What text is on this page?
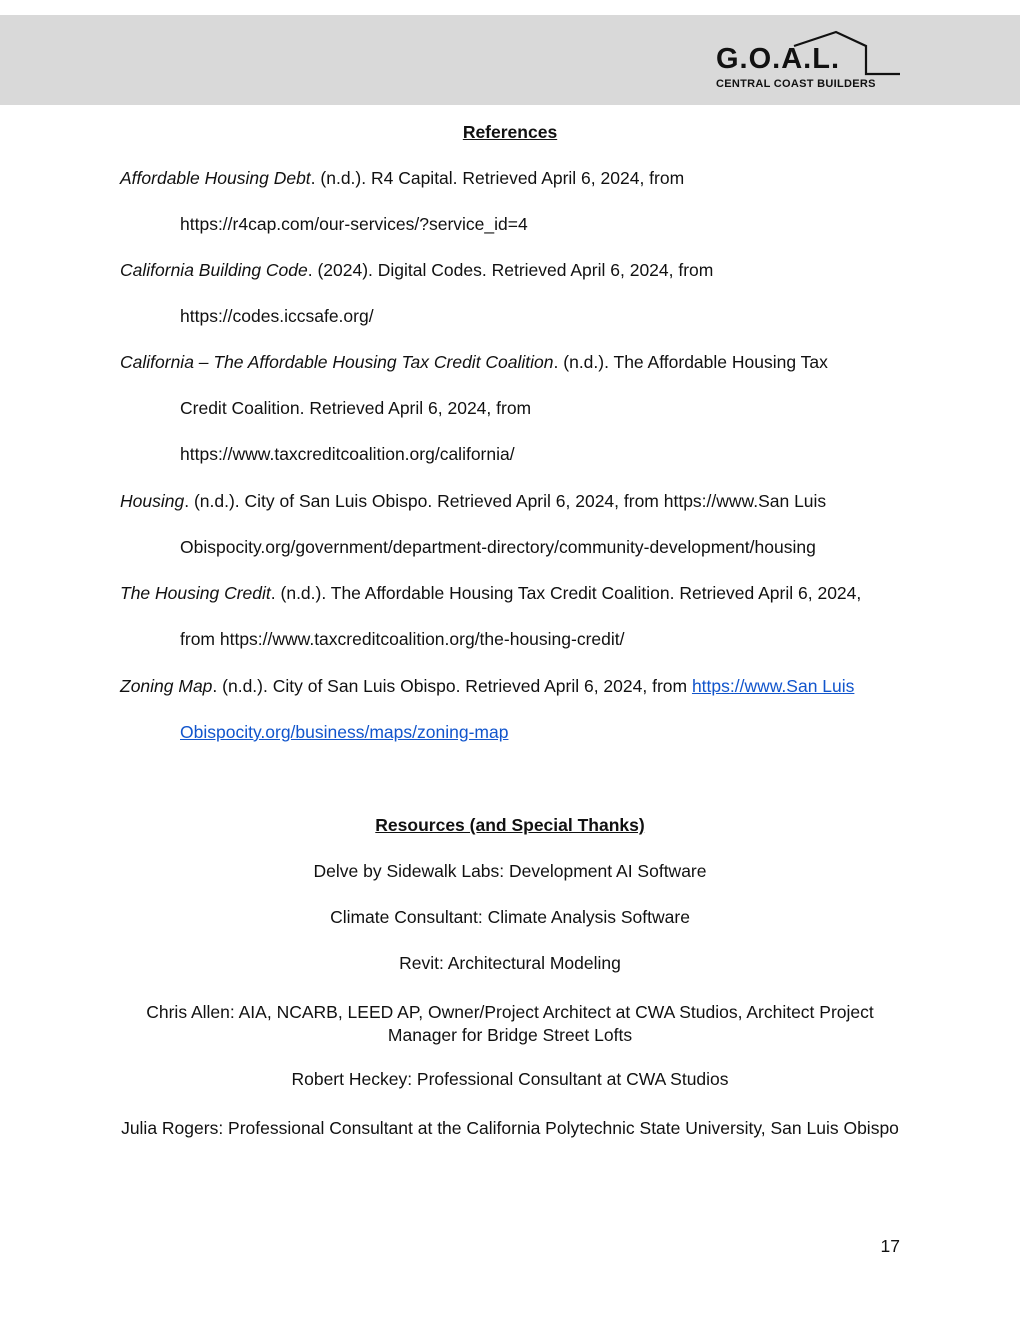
G.O.A.L.
CENTRAL COAST BUILDERS
References
Affordable Housing Debt. (n.d.). R4 Capital. Retrieved April 6, 2024, from
https://r4cap.com/our-services/?service_id=4
California Building Code. (2024). Digital Codes. Retrieved April 6, 2024, from
https://codes.iccsafe.org/
California – The Affordable Housing Tax Credit Coalition. (n.d.). The Affordable Housing Tax
Credit Coalition. Retrieved April 6, 2024, from
https://www.taxcreditcoalition.org/california/
Housing. (n.d.). City of San Luis Obispo. Retrieved April 6, 2024, from https://www.San Luis
Obispocity.org/government/department-directory/community-development/housing
The Housing Credit. (n.d.). The Affordable Housing Tax Credit Coalition. Retrieved April 6, 2024,
from https://www.taxcreditcoalition.org/the-housing-credit/
Zoning Map. (n.d.). City of San Luis Obispo. Retrieved April 6, 2024, from https://www.San Luis
Obispocity.org/business/maps/zoning-map
Resources (and Special Thanks)
Delve by Sidewalk Labs: Development AI Software
Climate Consultant: Climate Analysis Software
Revit: Architectural Modeling
Chris Allen: AIA, NCARB, LEED AP, Owner/Project Architect at CWA Studios, Architect Project Manager for Bridge Street Lofts
Robert Heckey: Professional Consultant at CWA Studios
Julia Rogers: Professional Consultant at the California Polytechnic State University, San Luis Obispo
17
